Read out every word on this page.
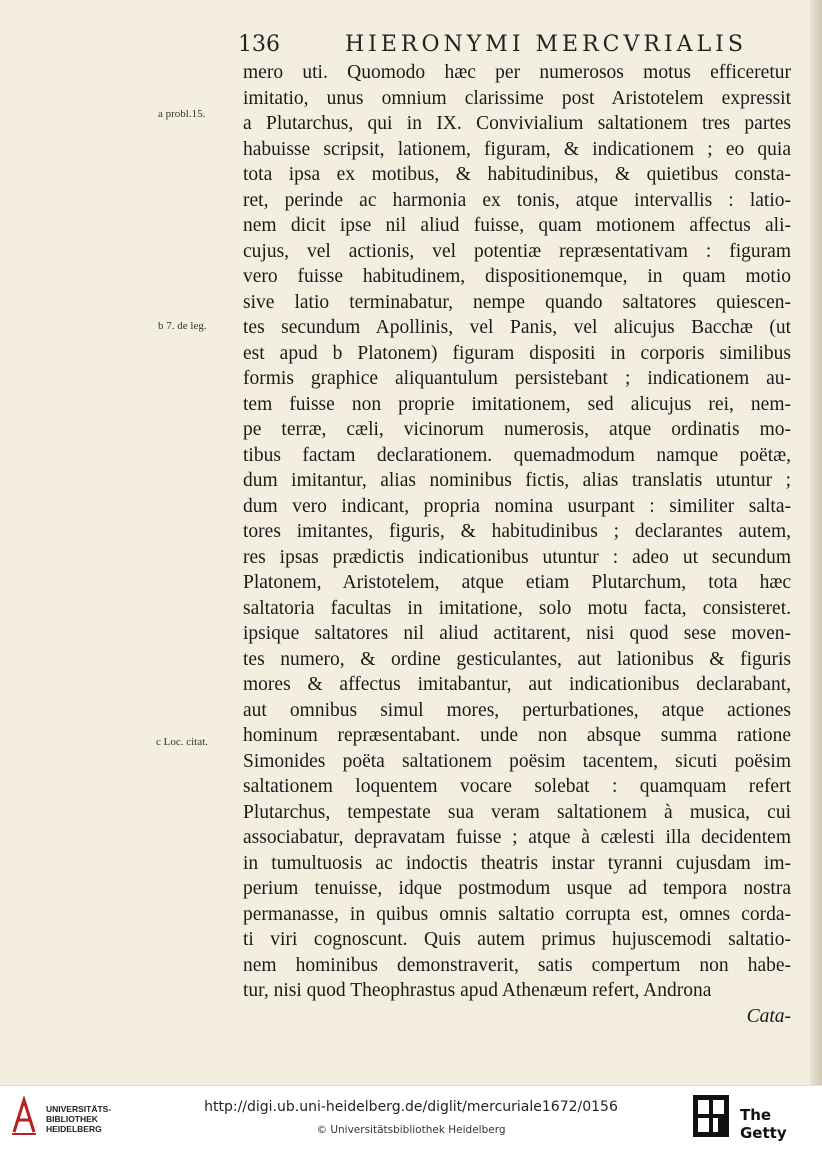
136	HIERONYMI MERCVRIALIS
a probl.15.
b 7. de leg.
c Loc. citat.
mero uti. Quomodo hæc per numerosos motus efficeretur
imitatio, unus omnium clarissime post Aristotelem expressit
a Plutarchus, qui in IX. Convivialium saltationem tres partes
habuisse scripsit, lationem, figuram, & indicationem ; eo quia
tota ipsa ex motibus, & habitudinibus, & quietibus consta-
ret, perinde ac harmonia ex tonis, atque intervallis : latio-
nem dicit ipse nil aliud fuisse, quam motionem affectus ali-
cujus, vel actionis, vel potentiæ repræsentativam : figuram
vero fuisse habitudinem, dispositionemque, in quam motio
sive latio terminabatur, nempe quando saltatores quiescen-
tes secundum Apollinis, vel Panis, vel alicujus Bacchæ (ut
est apud b Platonem) figuram dispositi in corporis similibus
formis graphice aliquantulum persistebant ; indicationem au-
tem fuisse non proprie imitationem, sed alicujus rei, nem-
pe terræ, cæli, vicinorum numerosis, atque ordinatis mo-
tibus factam declarationem. quemadmodum namque poëtæ,
dum imitantur, alias nominibus fictis, alias translatis utuntur ;
dum vero indicant, propria nomina usurpant : similiter salta-
tores imitantes, figuris, & habitudinibus ; declarantes autem,
res ipsas prædictis indicationibus utuntur : adeo ut secundum
Platonem, Aristotelem, atque etiam Plutarchum, tota hæc
saltatoria facultas in imitatione, solo motu facta, consisteret.
ipsique saltatores nil aliud actitarent, nisi quod sese moven-
tes numero, & ordine gesticulantes, aut lationibus & figuris
mores & affectus imitabantur, aut indicationibus declarabant,
aut omnibus simul mores, perturbationes, atque actiones
hominum repræsentabant. unde non absque summa ratione
Simonides poëta saltationem poësim tacentem, sicuti poësim
saltationem loquentem vocare solebat : quamquam refert
Plutarchus, tempestate sua veram saltationem à musica, cui
associabatur, depravatam fuisse ; atque à cælesti illa decidentem
in tumultuosis ac indoctis theatris instar tyranni cujusdam im-
perium tenuisse, idque postmodum usque ad tempora nostra
permanasse, in quibus omnis saltatio corrupta est, omnes corda-
ti viri cognoscunt. Quis autem primus hujuscemodi saltatio-
nem hominibus demonstraverit, satis compertum non habe-
tur, nisi quod Theophrastus apud Athenæum refert, Androna
Cata-
UNIVERSITÄTS-
BIBLIOTHEK
HEIDELBERG
http://digi.ub.uni-heidelberg.de/diglit/mercuriale1672/0156
© Universitätsbibliothek Heidelberg
The Getty
